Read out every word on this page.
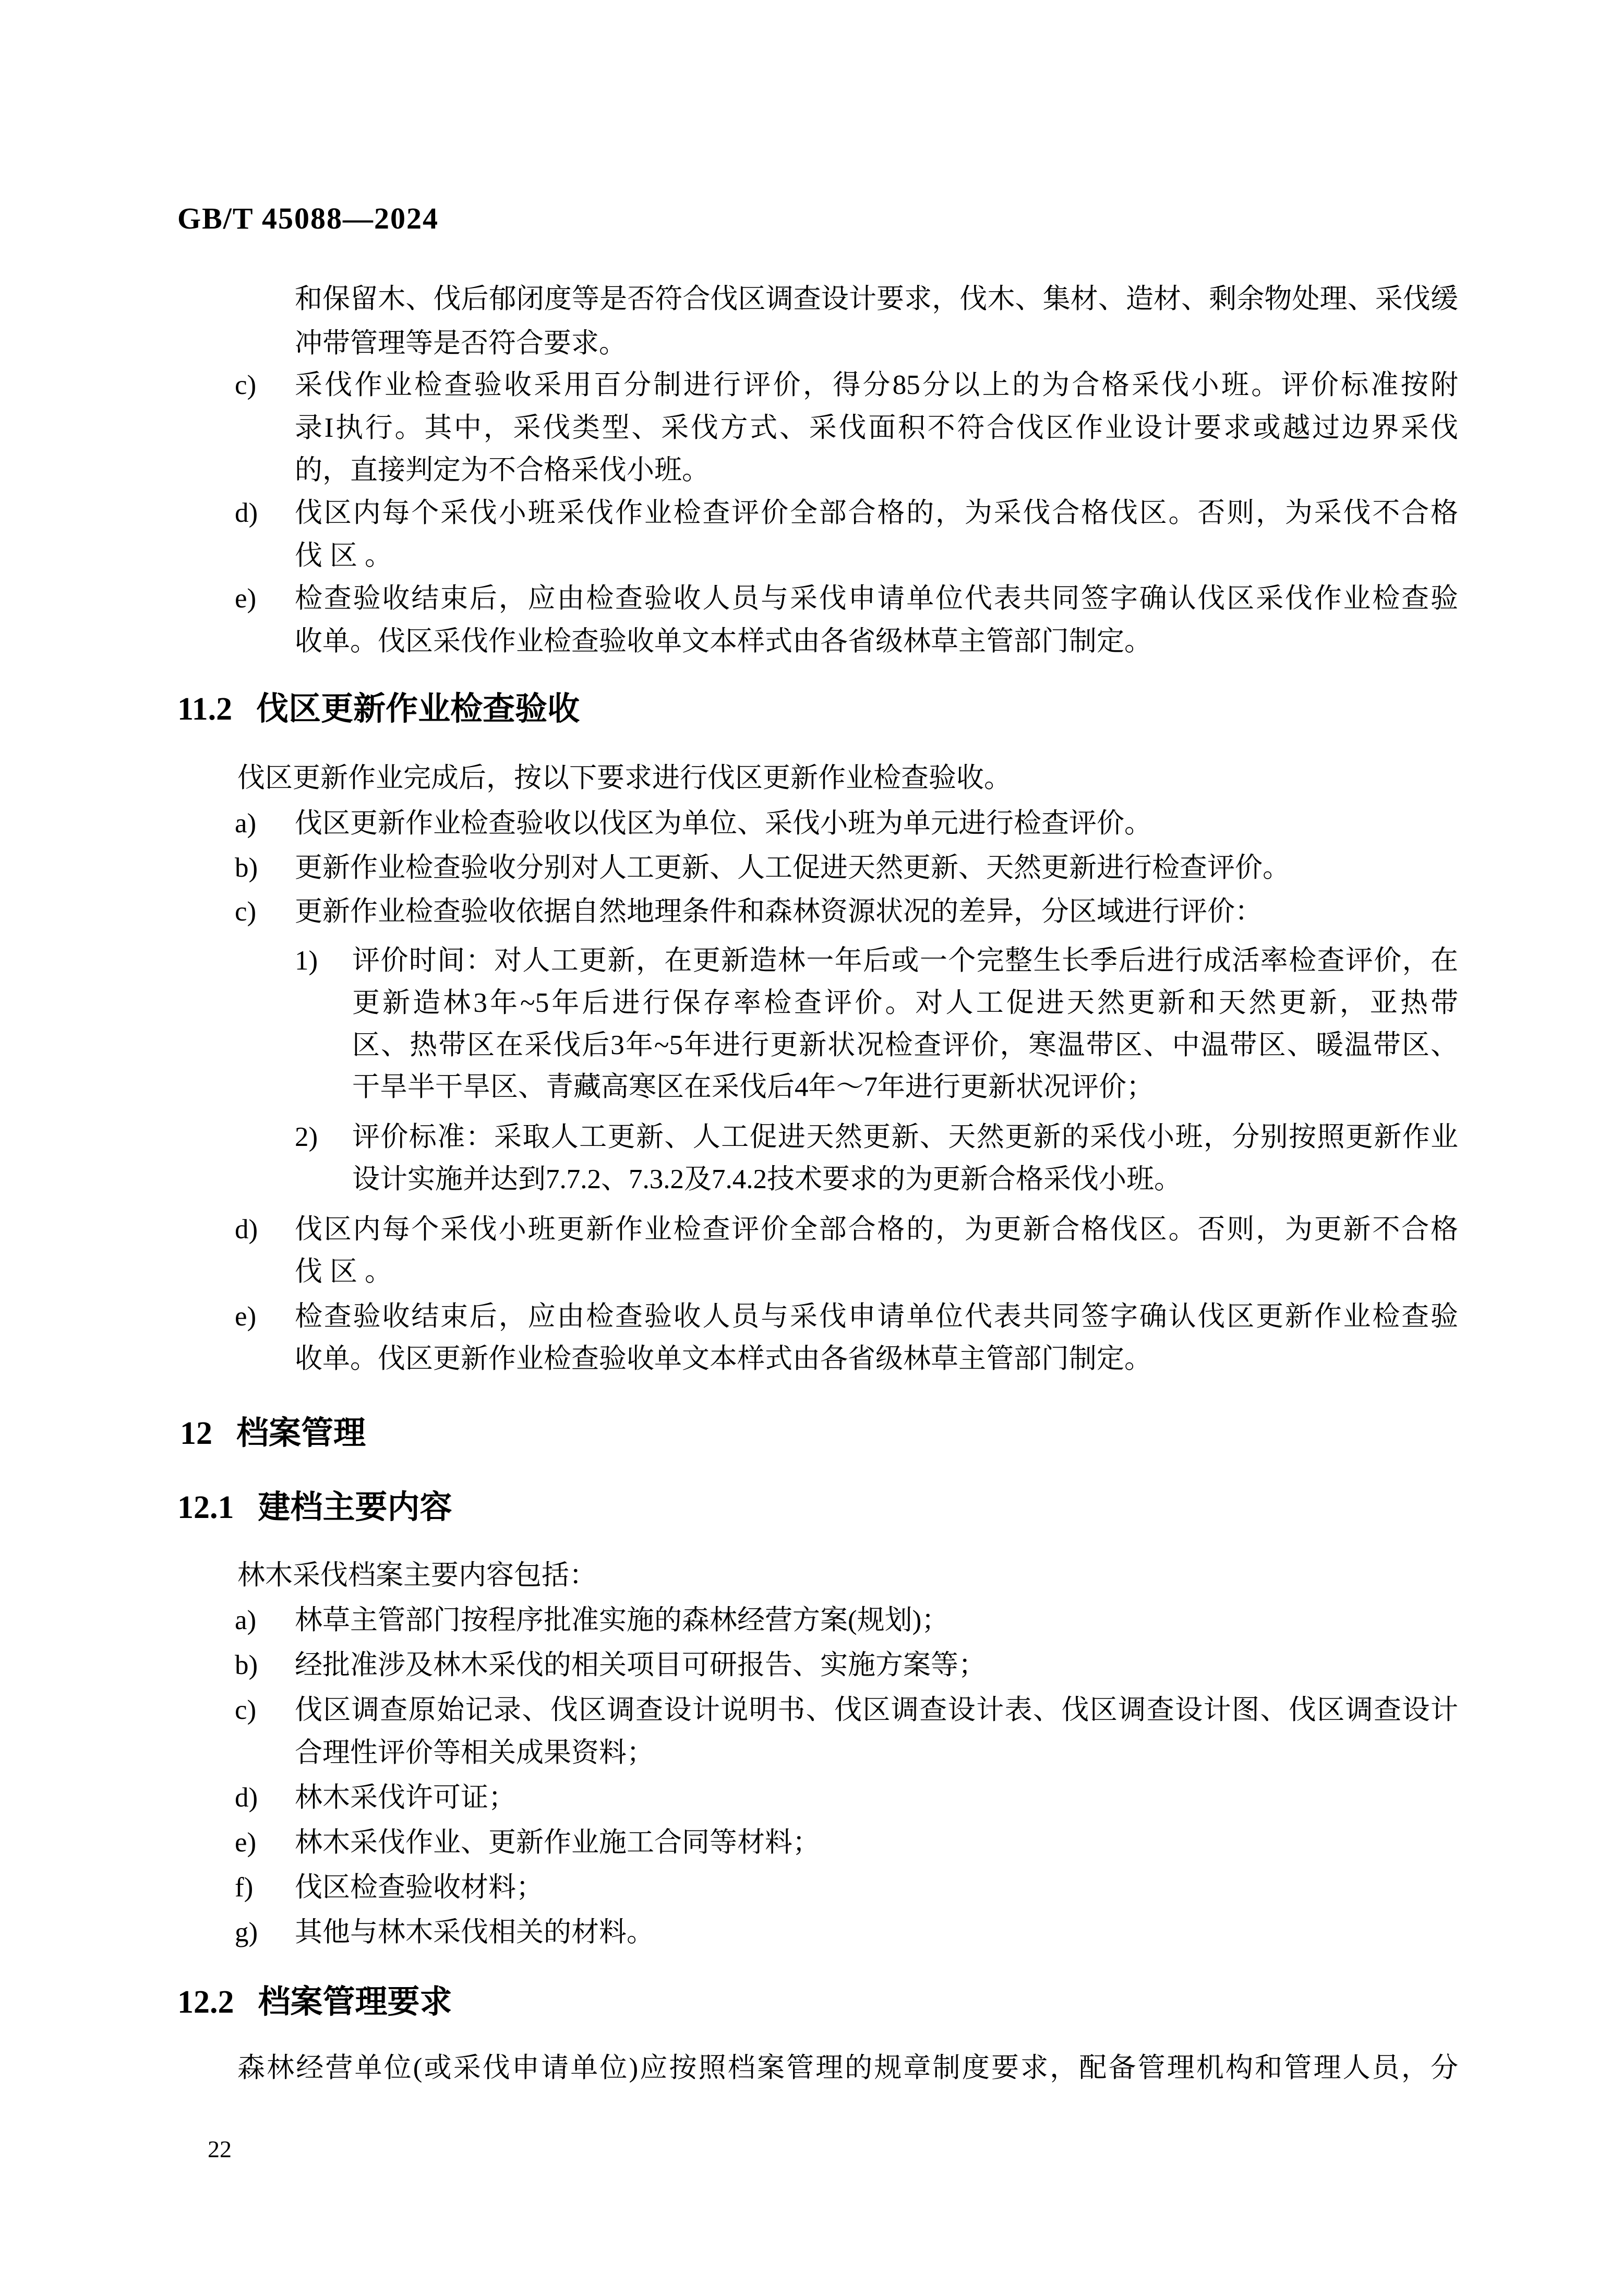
GB/T 45088—2024
和保留木、伐后郁闭度等是否符合伐区调查设计要求，伐木、集材、造材、剩余物处理、采伐缓
冲带管理等是否符合要求。
c) 采伐作业检查验收采用百分制进行评价，得分85分以上的为合格采伐小班。评价标准按附
录I执行。其中，采伐类型、采伐方式、采伐面积不符合伐区作业设计要求或越过边界采伐
的，直接判定为不合格采伐小班。
d) 伐区内每个采伐小班采伐作业检查评价全部合格的，为采伐合格伐区。否则，为采伐不合格
伐区。
e) 检查验收结束后，应由检查验收人员与采伐申请单位代表共同签字确认伐区采伐作业检查验
收单。伐区采伐作业检查验收单文本样式由各省级林草主管部门制定。
11.2 伐区更新作业检查验收
伐区更新作业完成后，按以下要求进行伐区更新作业检查验收。
a) 伐区更新作业检查验收以伐区为单位、采伐小班为单元进行检查评价。
b) 更新作业检查验收分别对人工更新、人工促进天然更新、天然更新进行检查评价。
c) 更新作业检查验收依据自然地理条件和森林资源状况的差异，分区域进行评价：
1) 评价时间：对人工更新，在更新造林一年后或一个完整生长季后进行成活率检查评价，在
更新造林3年~5年后进行保存率检查评价。对人工促进天然更新和天然更新，亚热带
区、热带区在采伐后3年~5年进行更新状况检查评价，寒温带区、中温带区、暖温带区、
干旱半干旱区、青藏高寒区在采伐后4年～7年进行更新状况评价；
2) 评价标准：采取人工更新、人工促进天然更新、天然更新的采伐小班，分别按照更新作业
设计实施并达到7.7.2、7.3.2及7.4.2技术要求的为更新合格采伐小班。
d) 伐区内每个采伐小班更新作业检查评价全部合格的，为更新合格伐区。否则，为更新不合格
伐区。
e) 检查验收结束后，应由检查验收人员与采伐申请单位代表共同签字确认伐区更新作业检查验
收单。伐区更新作业检查验收单文本样式由各省级林草主管部门制定。
12 档案管理
12.1 建档主要内容
林木采伐档案主要内容包括：
a) 林草主管部门按程序批准实施的森林经营方案(规划)；
b) 经批准涉及林木采伐的相关项目可研报告、实施方案等；
c) 伐区调查原始记录、伐区调查设计说明书、伐区调查设计表、伐区调查设计图、伐区调查设计
合理性评价等相关成果资料；
d) 林木采伐许可证；
e) 林木采伐作业、更新作业施工合同等材料；
f) 伐区检查验收材料；
g) 其他与林木采伐相关的材料。
12.2 档案管理要求
森林经营单位(或采伐申请单位)应按照档案管理的规章制度要求，配备管理机构和管理人员，分
22
